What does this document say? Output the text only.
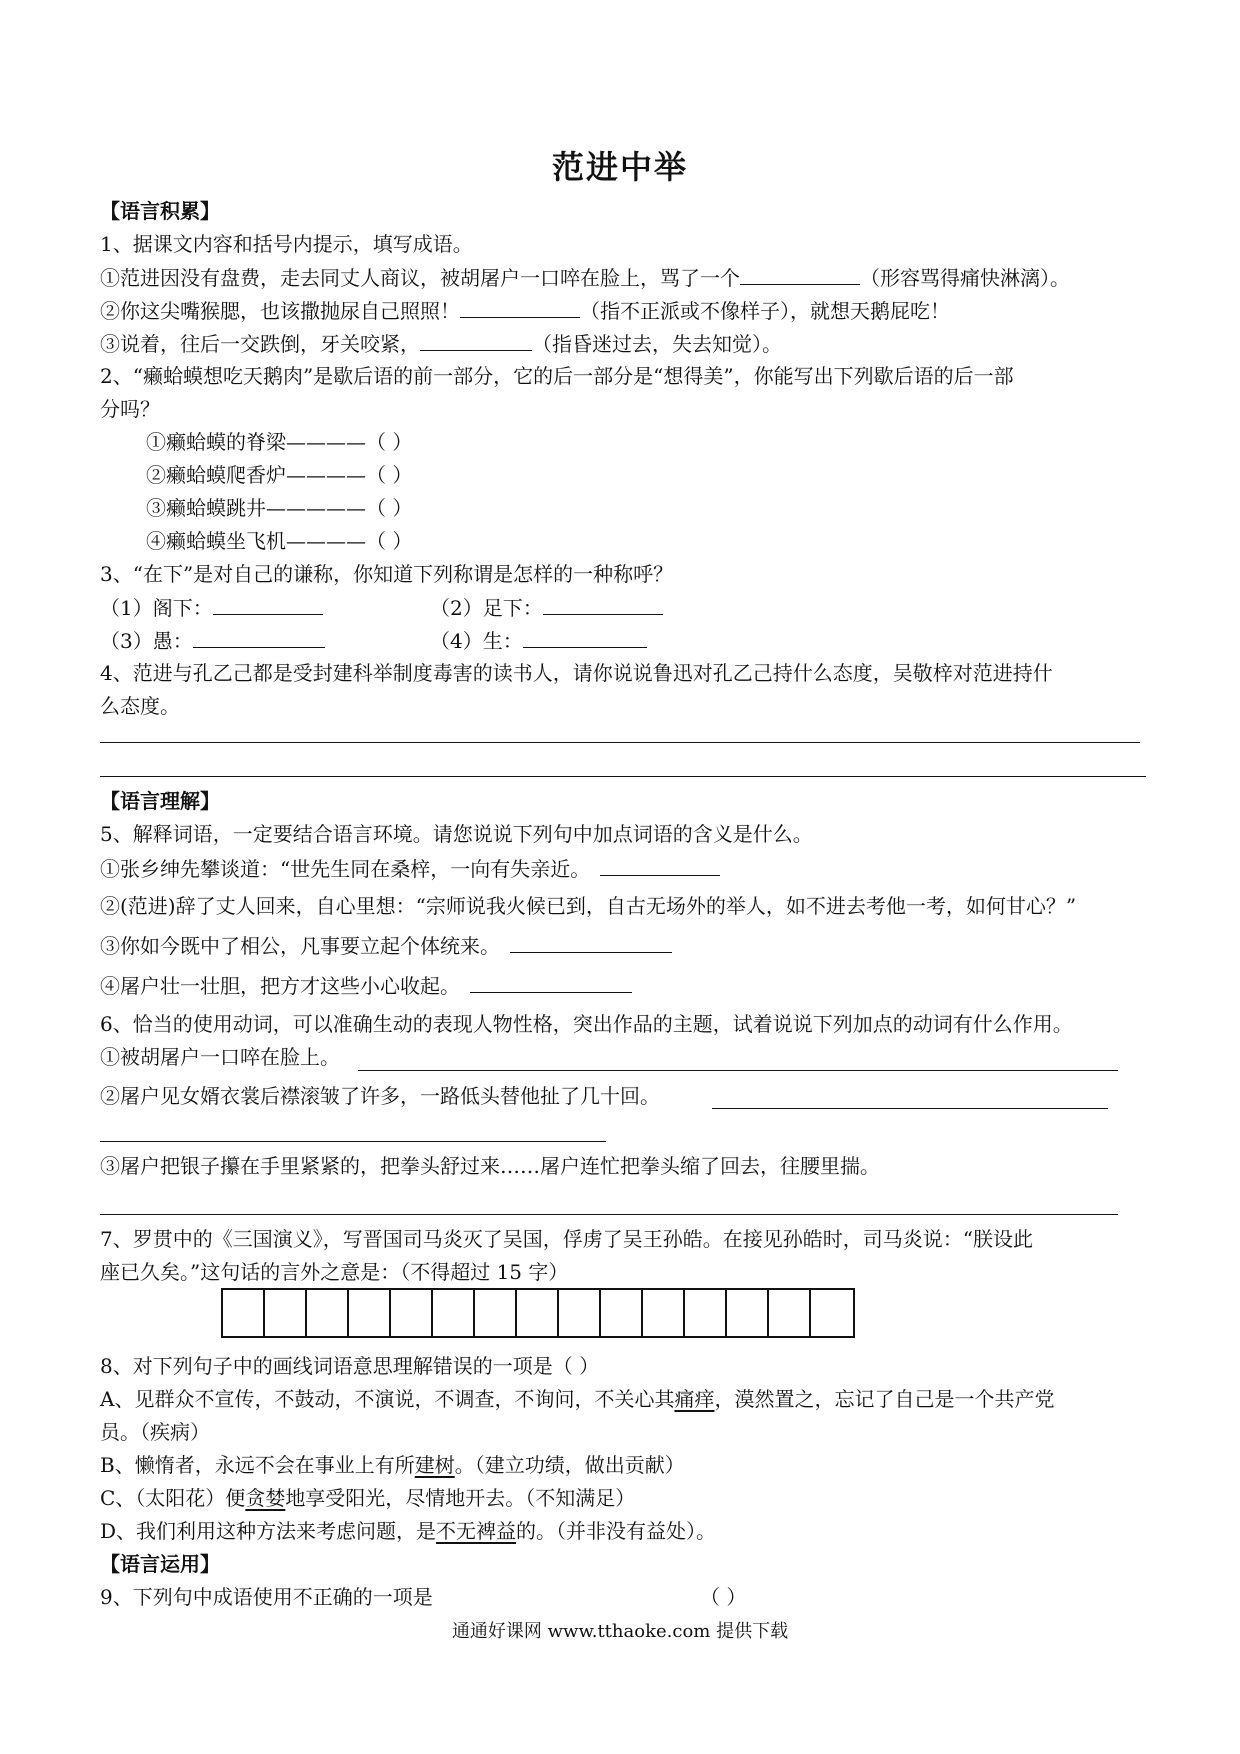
范进中举
【语言积累】
1、据课文内容和括号内提示，填写成语。
①范进因没有盘费，走去同丈人商议，被胡屠户一口啐在脸上，骂了一个	（形容骂得痛快淋漓）。
②你这尖嘴猴腮，也该撒抛尿自己照照！	（指不正派或不像样子），就想天鹅屁吃！
③说着，往后一交跌倒，牙关咬紧，	（指昏迷过去，失去知觉）。
2、“癞蛤蟆想吃天鹅肉”是歇后语的前一部分，它的后一部分是“想得美”，你能写出下列歇后语的后一部
分吗？
①癞蛤蟆的脊梁————（ ）
②癞蛤蟆爬香炉————（ ）
③癞蛤蟆跳井—————（ ）
④癞蛤蟆坐飞机————（ ）
3、“在下”是对自己的谦称，你知道下列称谓是怎样的一种称呼？
（1）阁下：	（2）足下：
（3）愚：	（4）生：
4、范进与孔乙己都是受封建科举制度毒害的读书人，请你说说鲁迅对孔乙己持什么态度，吴敬梓对范进持什
么态度。
【语言理解】
5、解释词语，一定要结合语言环境。请您说说下列句中加点词语的含义是什么。
①张乡绅先攀谈道：“世先生同在桑梓，一向有失亲近。
②(范进)辞了丈人回来，自心里想：“宗师说我火候已到，自古无场外的举人，如不进去考他一考，如何甘心？”
③你如今既中了相公，凡事要立起个体统来。
④屠户壮一壮胆，把方才这些小心收起。
6、恰当的使用动词，可以准确生动的表现人物性格，突出作品的主题，试着说说下列加点的动词有什么作用。
①被胡屠户一口啐在脸上。
②屠户见女婿衣裳后襟滚皱了许多，一路低头替他扯了几十回。
③屠户把银子攥在手里紧紧的，把拳头舒过来……屠户连忙把拳头缩了回去，往腰里揣。
7、罗贯中的《三国演义》，写晋国司马炎灭了吴国，俘虏了吴王孙皓。在接见孙皓时，司马炎说：“朕设此
座已久矣。”这句话的言外之意是：（不得超过 15 字）
8、对下列句子中的画线词语意思理解错误的一项是（ ）
A、见群众不宣传，不鼓动，不演说，不调查，不询问，不关心其痛痒，漠然置之，忘记了自己是一个共产党
员。（疾病）
B、懒惰者，永远不会在事业上有所建树。（建立功绩，做出贡献）
C、（太阳花）便贪婪地享受阳光，尽情地开去。（不知满足）
D、我们利用这种方法来考虑问题，是不无裨益的。（并非没有益处）。
【语言运用】
9、下列句中成语使用不正确的一项是	（ ）
通通好课网 www.tthaoke.com 提供下载
